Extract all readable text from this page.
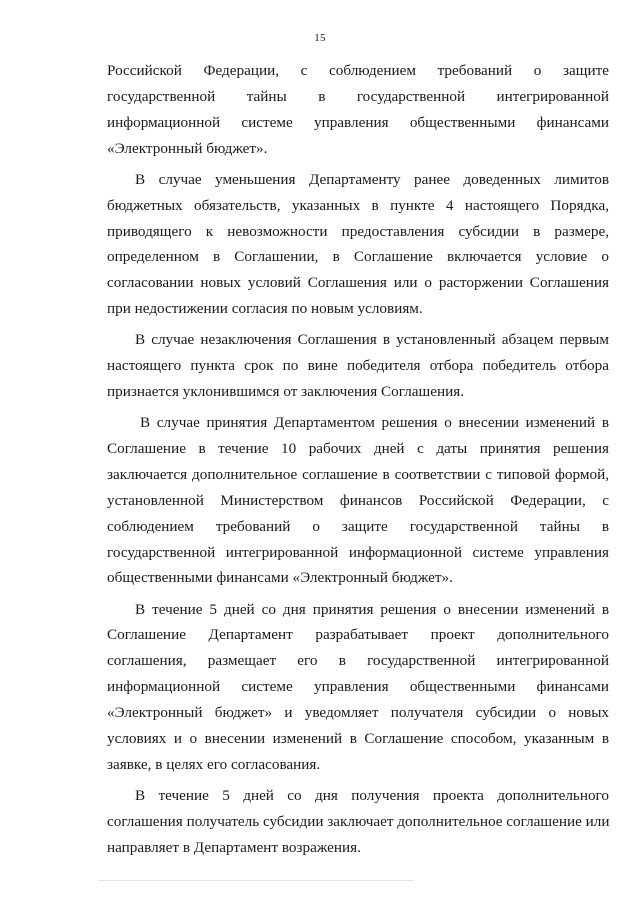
15
Российской Федерации, с соблюдением требований о защите
государственной тайны в государственной интегрированной
информационной системе управления общественными финансами
«Электронный бюджет».
В случае уменьшения Департаменту ранее доведенных лимитов
бюджетных обязательств, указанных в пункте 4 настоящего Порядка,
приводящего к невозможности предоставления субсидии в размере,
определенном в Соглашении, в Соглашение включается условие о
согласовании новых условий Соглашения или о расторжении Соглашения
при недостижении согласия по новым условиям.
В случае незаключения Соглашения в установленный абзацем первым
настоящего пункта срок по вине победителя отбора победитель отбора
признается уклонившимся от заключения Соглашения.
В случае принятия Департаментом решения о внесении изменений в
Соглашение в течение 10 рабочих дней с даты принятия решения
заключается дополнительное соглашение в соответствии с типовой формой,
установленной Министерством финансов Российской Федерации, с
соблюдением требований о защите государственной тайны в
государственной интегрированной информационной системе управления
общественными финансами «Электронный бюджет».
В течение 5 дней со дня принятия решения о внесении изменений в
Соглашение Департамент разрабатывает проект дополнительного
соглашения, размещает его в государственной интегрированной
информационной системе управления общественными финансами
«Электронный бюджет» и уведомляет получателя субсидии о новых
условиях и о внесении изменений в Соглашение способом, указанным в
заявке, в целях его согласования.
В течение 5 дней со дня получения проекта дополнительного
соглашения получатель субсидии заключает дополнительное соглашение или
направляет в Департамент возражения.
